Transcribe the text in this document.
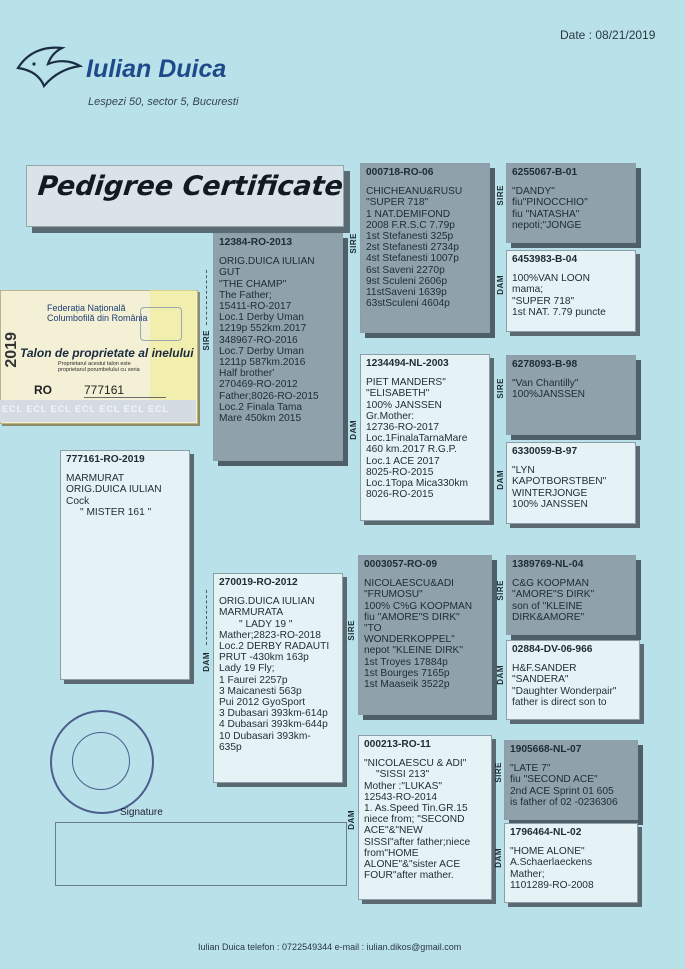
Date : 08/21/2019
Iulian Duica
Lespezi 50, sector 5, Bucuresti
Pedigree Certificate
Federația Națională
Columbofilă din România
Talon de proprietate al inelului
Proprietarul acestui talon este
proprietarul porumbelului cu seria
2019
RO	777161
ECL ECL ECL ECL ECL ECL ECL
777161-RO-2019
MARMURAT
ORIG.DUICA IULIAN
Cock
" MISTER 161 "
12384-RO-2013
ORIG.DUICA IULIAN
GUT
"THE CHAMP"
The Father;
15411-RO-2017
Loc.1 Derby Uman
1219p 552km.2017
348967-RO-2016
Loc.7 Derby Uman
1211p 587km.2016
Half brother'
270469-RO-2012
Father;8026-RO-2015
Loc.2 Finala Tama
Mare 450km 2015
SIRE
270019-RO-2012
ORIG.DUICA IULIAN
MARMURATA
" LADY 19 "
Mather;2823-RO-2018
Loc.2 DERBY RADAUTI
PRUT -430km 163p
Lady 19 Fly;
1 Faurei 2257p
3 Maicanesti 563p
Pui 2012 GyoSport
3 Dubasari 393km-614p
4 Dubasari 393km-644p
10 Dubasari 393km-
635p
DAM
000718-RO-06
CHICHEANU&RUSU
"SUPER 718"
1 NAT.DEMIFOND
2008 F.R.S.C 7.79p
1st Stefanesti 325p
2st Stefanesti 2734p
4st Stefanesti 1007p
6st Saveni 2270p
9st Sculeni 2606p
11stSaveni 1639p
63stSculeni 4604p
SIRE
1234494-NL-2003
PIET MANDERS"
"ELISABETH"
100% JANSSEN
Gr.Mother:
12736-RO-2017
Loc.1FinalaTarnaMare
460 km.2017 R.G.P.
Loc.1 ACE 2017
8025-RO-2015
Loc.1Topa Mica330km
8026-RO-2015
DAM
0003057-RO-09
NICOLAESCU&ADI
"FRUMOSU"
100% C%G KOOPMAN
fiu "AMORE"S DIRK"
"TO
WONDERKOPPEL"
nepot "KLEINE DIRK"
1st Troyes 17884p
1st Bourges 7165p
1st Maaseik 3522p
SIRE
000213-RO-11
"NICOLAESCU & ADI"
"SISSI 213"
Mother :"LUKAS"
12543-RO-2014
1. As.Speed Tin.GR.15
niece from; "SECOND
ACE"&"NEW
SISSI"after father;niece
from"HOME
ALONE"&"sister ACE
FOUR"after mather.
DAM
6255067-B-01
"DANDY"
fiu"PINOCCHIO"
fiu "NATASHA"
nepoti;"JONGE
SIRE
6453983-B-04
100%VAN LOON
mama;
"SUPER 718"
1st NAT. 7.79 puncte
DAM
6278093-B-98
"Van Chantilly"
100%JANSSEN
SIRE
6330059-B-97
"LYN
KAPOTBORSTBEN"
WINTERJONGE
100% JANSSEN
DAM
1389769-NL-04
C&G KOOPMAN
"AMORE"S DIRK"
son of "KLEINE
DIRK&AMORE"
SIRE
02884-DV-06-966
H&F.SANDER
"SANDERA"
"Daughter Wonderpair"
father is direct son to
DAM
1905668-NL-07
"LATE 7"
fiu "SECOND ACE"
2nd ACE Sprint 01 605
is father of 02 -0236306
SIRE
1796464-NL-02
"HOME ALONE"
A.Schaerlaeckens
Mather;
1101289-RO-2008
DAM
Signature
Iulian Duica telefon : 0722549344 e-mail : iulian.dikos@gmail.com
